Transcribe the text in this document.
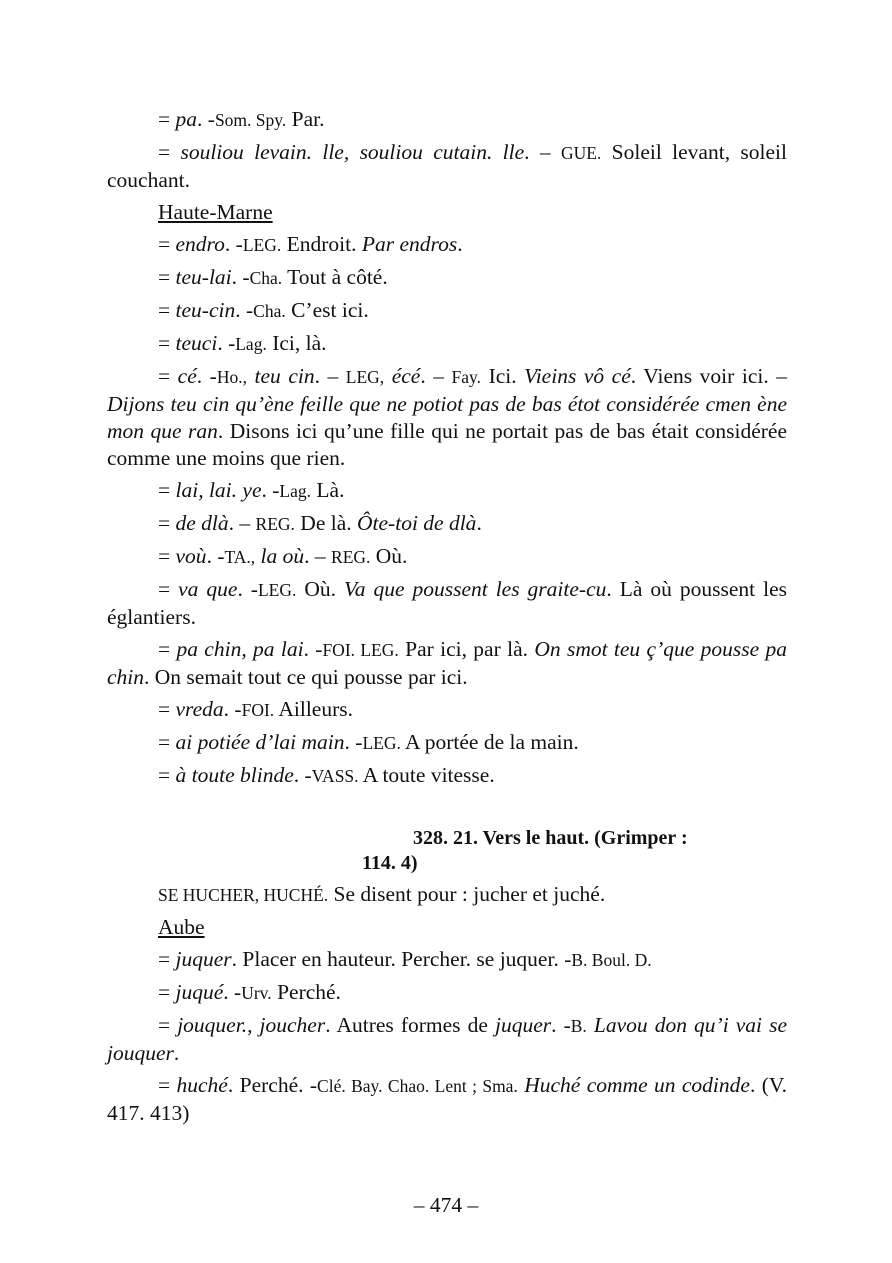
= pa. -Som. Spy. Par.

= souliou levain. lle, souliou cutain. lle. – GUE. Soleil levant, soleil couchant.

Haute-Marne

= endro. -LEG. Endroit. Par endros.

= teu-lai. -Cha. Tout à côté.

= teu-cin. -Cha. C’est ici.

= teuci. -Lag. Ici, là.

= cé. -Ho., teu cin. – LEG, écé. – Fay. Ici. Vieins vô cé. Viens voir ici. – Dijons teu cin qu’ène feille que ne potiot pas de bas étot considérée cmen ène mon que ran. Disons ici qu’une fille qui ne portait pas de bas était considérée comme une moins que rien.

= lai, lai. ye. -Lag. Là.

= de dlà. – REG. De là. Ôte-toi de dlà.

= voù. -TA., la où. – REG. Où.

= va que. -LEG. Où. Va que poussent les graite-cu. Là où poussent les églantiers.

= pa chin, pa lai. -FOI. LEG. Par ici, par là. On smot teu ç’que pousse pa chin. On semait tout ce qui pousse par ici.

= vreda. -FOI. Ailleurs.

= ai potiée d’lai main. -LEG. A portée de la main.

= à toute blinde. -VASS. A toute vitesse.

328. 21. Vers le haut. (Grimper :
114. 4)

SE HUCHER, HUCHÉ. Se disent pour : jucher et juché.

Aube

= juquer. Placer en hauteur. Percher. se juquer. -B. Boul. D.

= juqué. -Urv. Perché.

= jouquer., joucher. Autres formes de juquer. -B. Lavou don qu’i vai se jouquer.

= huché. Perché. -Clé. Bay. Chao. Lent ; Sma. Huché comme un codinde. (V. 417. 413)

– 474 –
